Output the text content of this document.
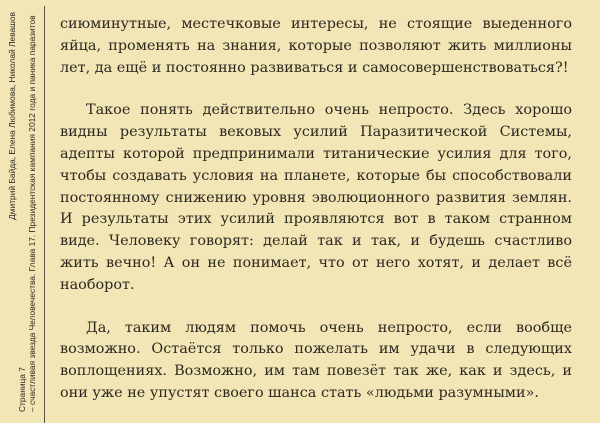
Дмитрий Байда, Елена Любимова, Николай Левашов
Страница 7 – счастливая звезда Человечества. Глава 17. Президентская кампания 2012 года и паника паразитов сиюминутные, местечковые интересы, не стоящие выеденного яйца, променять на знания, которые позволяют жить миллионы лет, да ещё и постоянно развиваться и самосовершенствоваться?!

Такое понять действительно очень непросто. Здесь хорошо видны результаты вековых усилий Паразитической Системы, адепты которой предпринимали титанические усилия для того, чтобы создавать условия на планете, которые бы способствовали постоянному снижению уровня эволюционного развития землян. И результаты этих усилий проявляются вот в таком странном виде. Человеку говорят: делай так и так, и будешь счастливо жить вечно! А он не понимает, что от него хотят, и делает всё наоборот.

Да, таким людям помочь очень непросто, если вообще возможно. Остаётся только пожелать им удачи в следующих воплощениях. Возможно, им там повезёт так же, как и здесь, и они уже не упустят своего шанса стать «людьми разумными».
